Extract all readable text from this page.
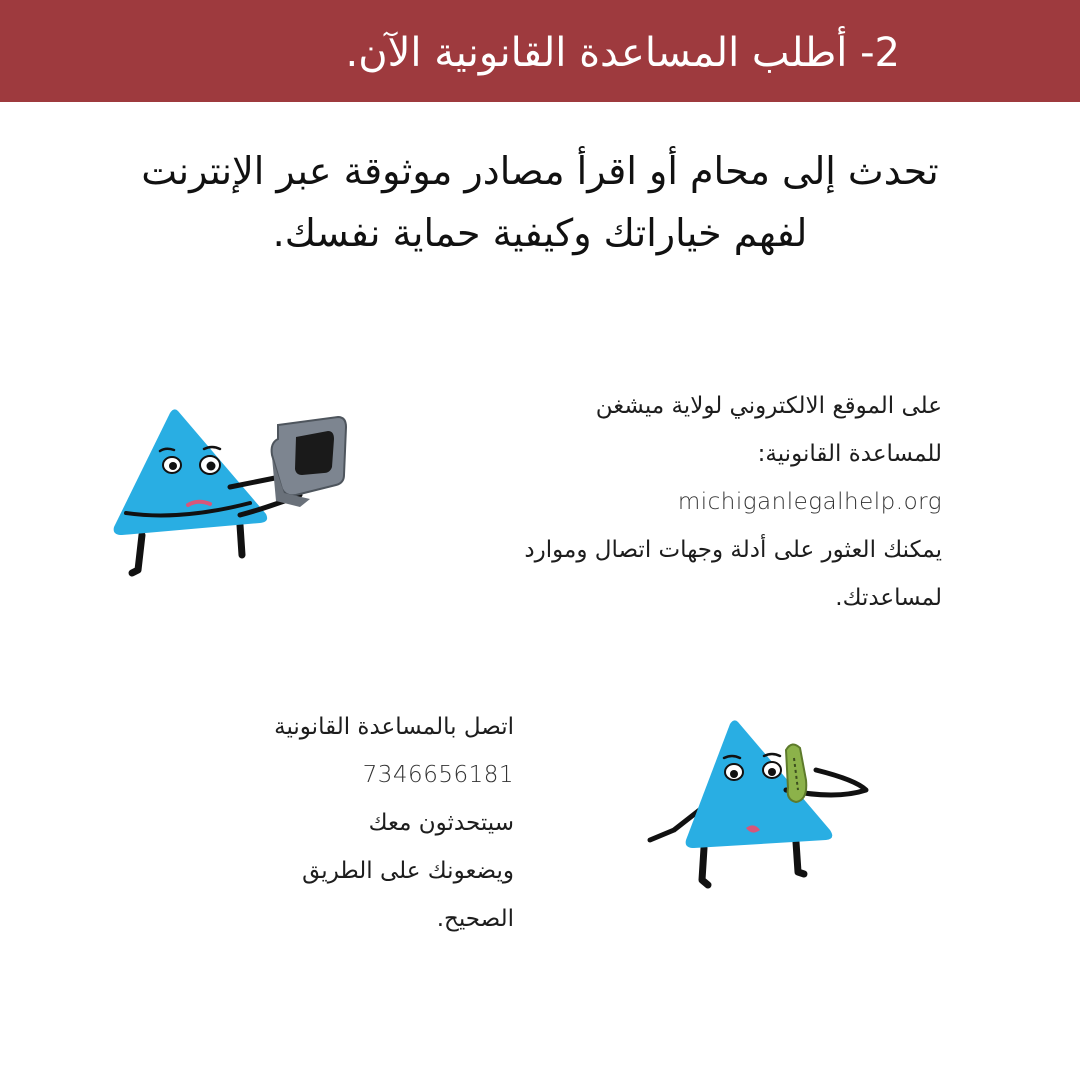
2- أطلب المساعدة القانونية الآن.
تحدث إلى محام أو اقرأ مصادر موثوقة عبر الإنترنت
لفهم خياراتك وكيفية حماية نفسك.

على الموقع الالكتروني لولاية ميشغن

للمساعدة القانونية:

michiganlegalhelp.org

يمكنك العثور على أدلة وجهات اتصال وموارد

لمساعدتك.

اتصل بالمساعدة القانونية

7346656181

سيتحدثون معك

ويضعونك على الطريق

الصحيح.
